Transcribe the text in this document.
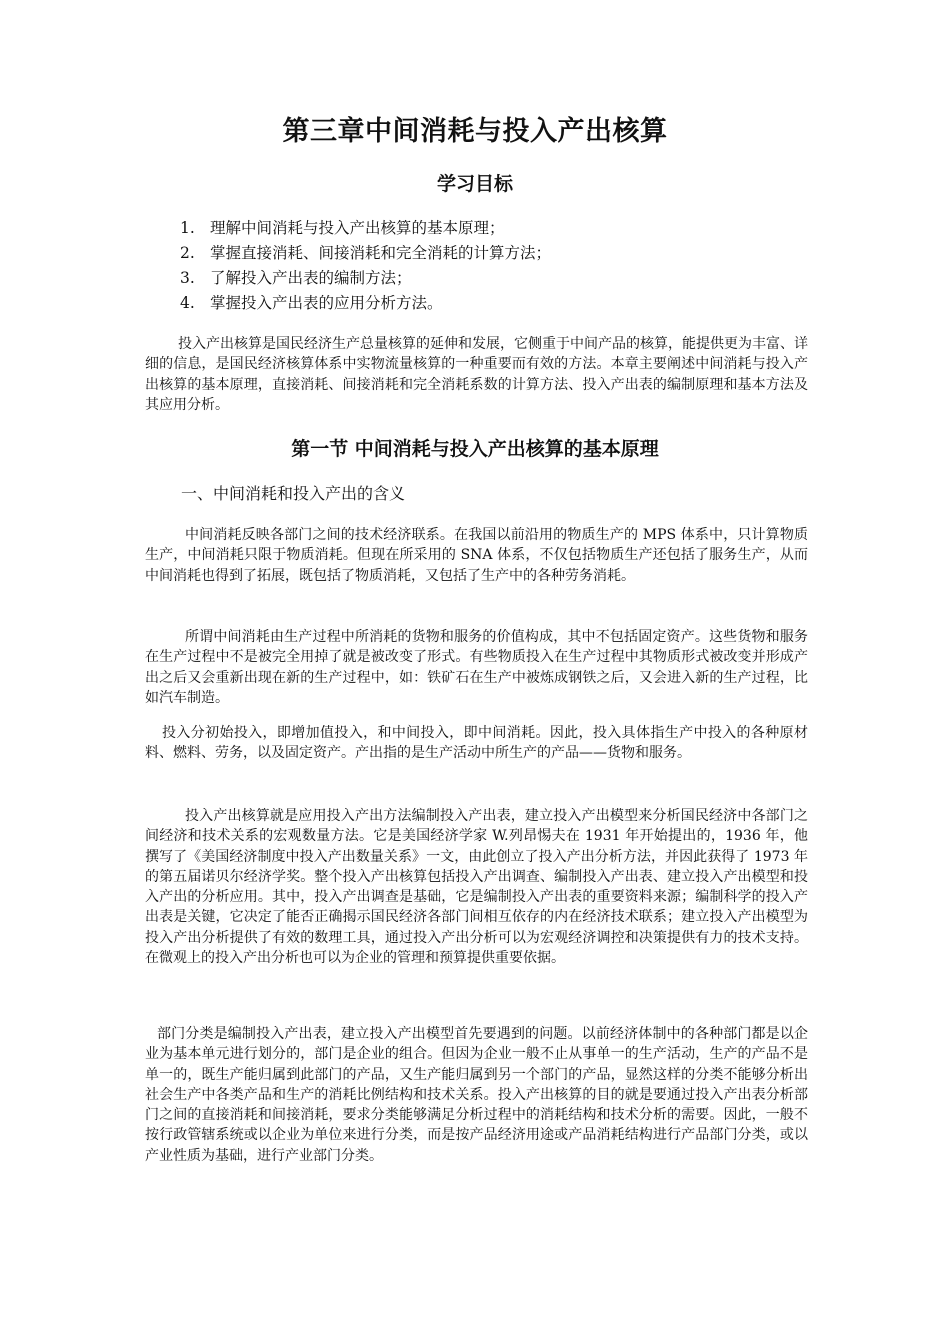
第三章中间消耗与投入产出核算
学习目标
1. 理解中间消耗与投入产出核算的基本原理；
2. 掌握直接消耗、间接消耗和完全消耗的计算方法；
3. 了解投入产出表的编制方法；
4. 掌握投入产出表的应用分析方法。

投入产出核算是国民经济生产总量核算的延伸和发展，它侧重于中间产品的核算，能提供更为丰富、详细的信息，是国民经济核算体系中实物流量核算的一种重要而有效的方法。本章主要阐述中间消耗与投入产出核算的基本原理，直接消耗、间接消耗和完全消耗系数的计算方法、投入产出表的编制原理和基本方法及其应用分析。

第一节 中间消耗与投入产出核算的基本原理
一、中间消耗和投入产出的含义

中间消耗反映各部门之间的技术经济联系。在我国以前沿用的物质生产的 MPS 体系中，只计算物质生产，中间消耗只限于物质消耗。但现在所采用的 SNA 体系，不仅包括物质生产还包括了服务生产，从而中间消耗也得到了拓展，既包括了物质消耗，又包括了生产中的各种劳务消耗。

所谓中间消耗由生产过程中所消耗的货物和服务的价值构成，其中不包括固定资产。这些货物和服务在生产过程中不是被完全用掉了就是被改变了形式。有些物质投入在生产过程中其物质形式被改变并形成产出之后又会重新出现在新的生产过程中，如：铁矿石在生产中被炼成钢铁之后，又会进入新的生产过程，比如汽车制造。

投入分初始投入，即增加值投入，和中间投入，即中间消耗。因此，投入具体指生产中投入的各种原材料、燃料、劳务，以及固定资产。产出指的是生产活动中所生产的产品——货物和服务。

投入产出核算就是应用投入产出方法编制投入产出表，建立投入产出模型来分析国民经济中各部门之间经济和技术关系的宏观数量方法。它是美国经济学家 W.列昂惕夫在 1931 年开始提出的，1936 年，他撰写了《美国经济制度中投入产出数量关系》一文，由此创立了投入产出分析方法，并因此获得了 1973 年的第五届诺贝尔经济学奖。整个投入产出核算包括投入产出调查、编制投入产出表、建立投入产出模型和投入产出的分析应用。其中，投入产出调查是基础，它是编制投入产出表的重要资料来源；编制科学的投入产出表是关键，它决定了能否正确揭示国民经济各部门间相互依存的内在经济技术联系；建立投入产出模型为投入产出分析提供了有效的数理工具，通过投入产出分析可以为宏观经济调控和决策提供有力的技术支持。在微观上的投入产出分析也可以为企业的管理和预算提供重要依据。

部门分类是编制投入产出表，建立投入产出模型首先要遇到的问题。以前经济体制中的各种部门都是以企业为基本单元进行划分的，部门是企业的组合。但因为企业一般不止从事单一的生产活动，生产的产品不是单一的，既生产能归属到此部门的产品，又生产能归属到另一个部门的产品，显然这样的分类不能够分析出社会生产中各类产品和生产的消耗比例结构和技术关系。投入产出核算的目的就是要通过投入产出表分析部门之间的直接消耗和间接消耗，要求分类能够满足分析过程中的消耗结构和技术分析的需要。因此，一般不按行政管辖系统或以企业为单位来进行分类，而是按产品经济用途或产品消耗结构进行产品部门分类，或以产业性质为基础，进行产业部门分类。
